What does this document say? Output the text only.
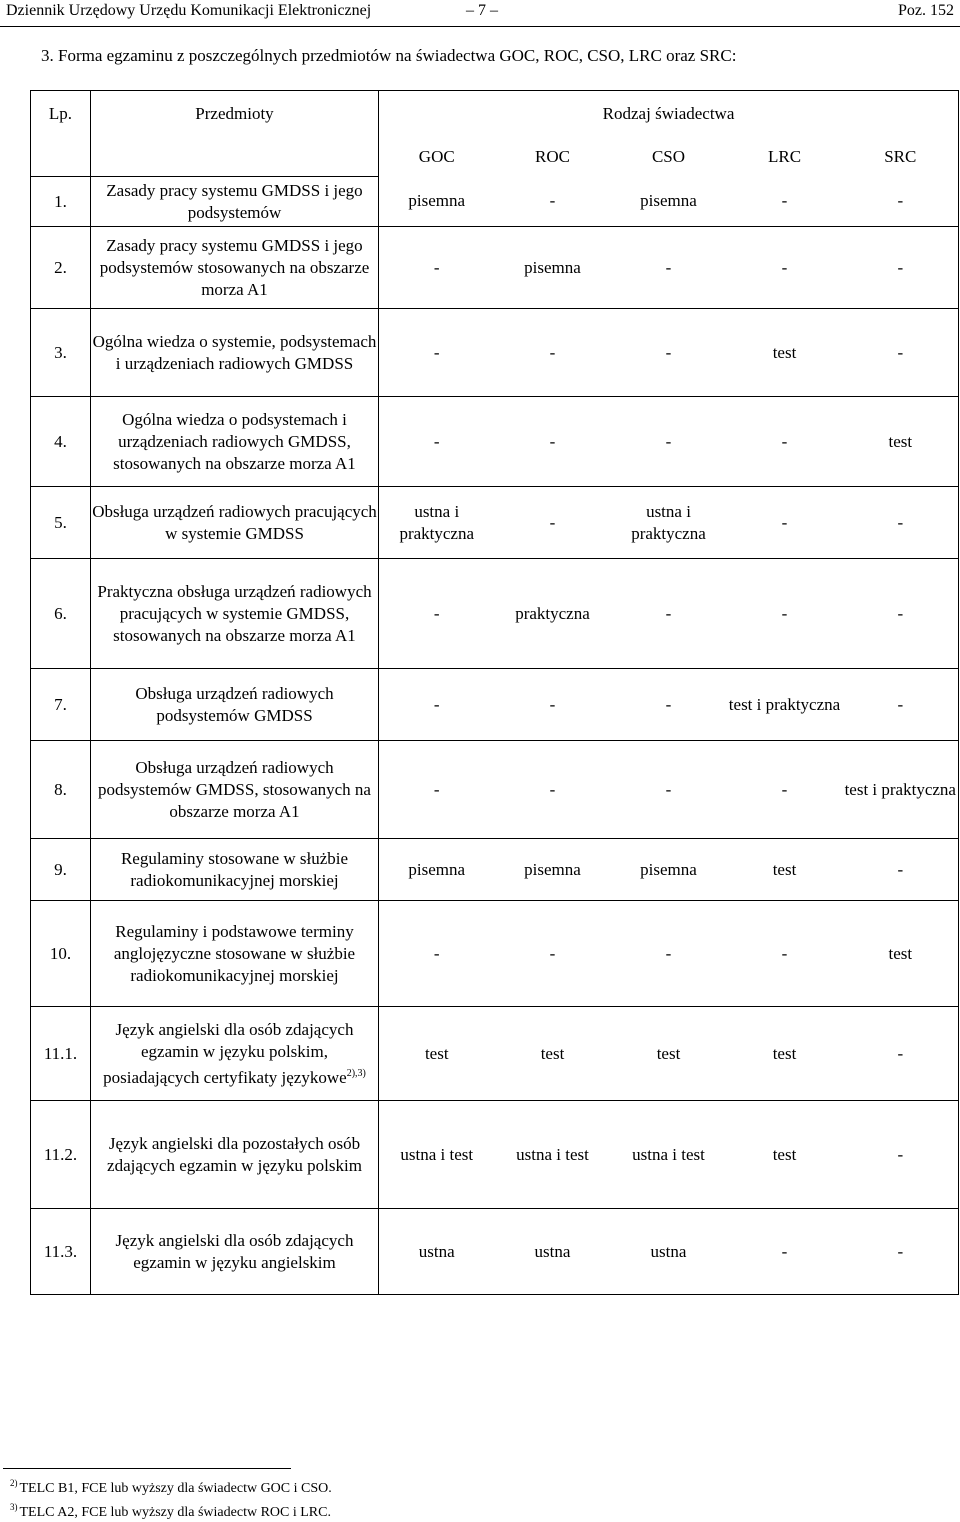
Dziennik Urzędowy Urzędu Komunikacji Elektronicznej	– 7 –	Poz. 152
3. Forma egzaminu z poszczególnych przedmiotów na świadectwa GOC, ROC, CSO, LRC oraz SRC:
Lp.	Przedmioty	Rodzaj świadectwa				
		GOC	ROC	CSO	LRC	SRC
1.	Zasady pracy systemu GMDSS i jego podsystemów	pisemna	-	pisemna	-	-
2.	Zasady pracy systemu GMDSS i jego podsystemów stosowanych na obszarze morza A1	-	pisemna	-	-	-
3.	Ogólna wiedza o systemie, podsystemach i urządzeniach radiowych GMDSS	-	-	-	test	-
4.	Ogólna wiedza o podsystemach i urządzeniach radiowych GMDSS, stosowanych na obszarze morza A1	-	-	-	-	test
5.	Obsługa urządzeń radiowych pracujących w systemie GMDSS	ustna i praktyczna	-	ustna i praktyczna	-	-
6.	Praktyczna obsługa urządzeń radiowych pracujących w systemie GMDSS, stosowanych na obszarze morza A1	-	praktyczna	-	-	-
7.	Obsługa urządzeń radiowych podsystemów GMDSS	-	-	-	test i praktyczna	-
8.	Obsługa urządzeń radiowych podsystemów GMDSS, stosowanych na obszarze morza A1	-	-	-	-	test i praktyczna
9.	Regulaminy stosowane w służbie radiokomunikacyjnej morskiej	pisemna	pisemna	pisemna	test	-
10.	Regulaminy i podstawowe terminy anglojęzyczne stosowane w służbie radiokomunikacyjnej morskiej	-	-	-	-	test
11.1.	Język angielski dla osób zdających egzamin w języku polskim, posiadających certyfikaty językowe$^{2),3)}$	test	test	test	test	-
11.2.	Język angielski dla pozostałych osób zdających egzamin w języku polskim	ustna i test	ustna i test	ustna i test	test	-
11.3.	Język angielski dla osób zdających egzamin w języku angielskim	ustna	ustna	ustna	-	-
$^{2)}$ TELC B1, FCE lub wyższy dla świadectw GOC i CSO.
$^{3)}$ TELC A2, FCE lub wyższy dla świadectw ROC i LRC.
